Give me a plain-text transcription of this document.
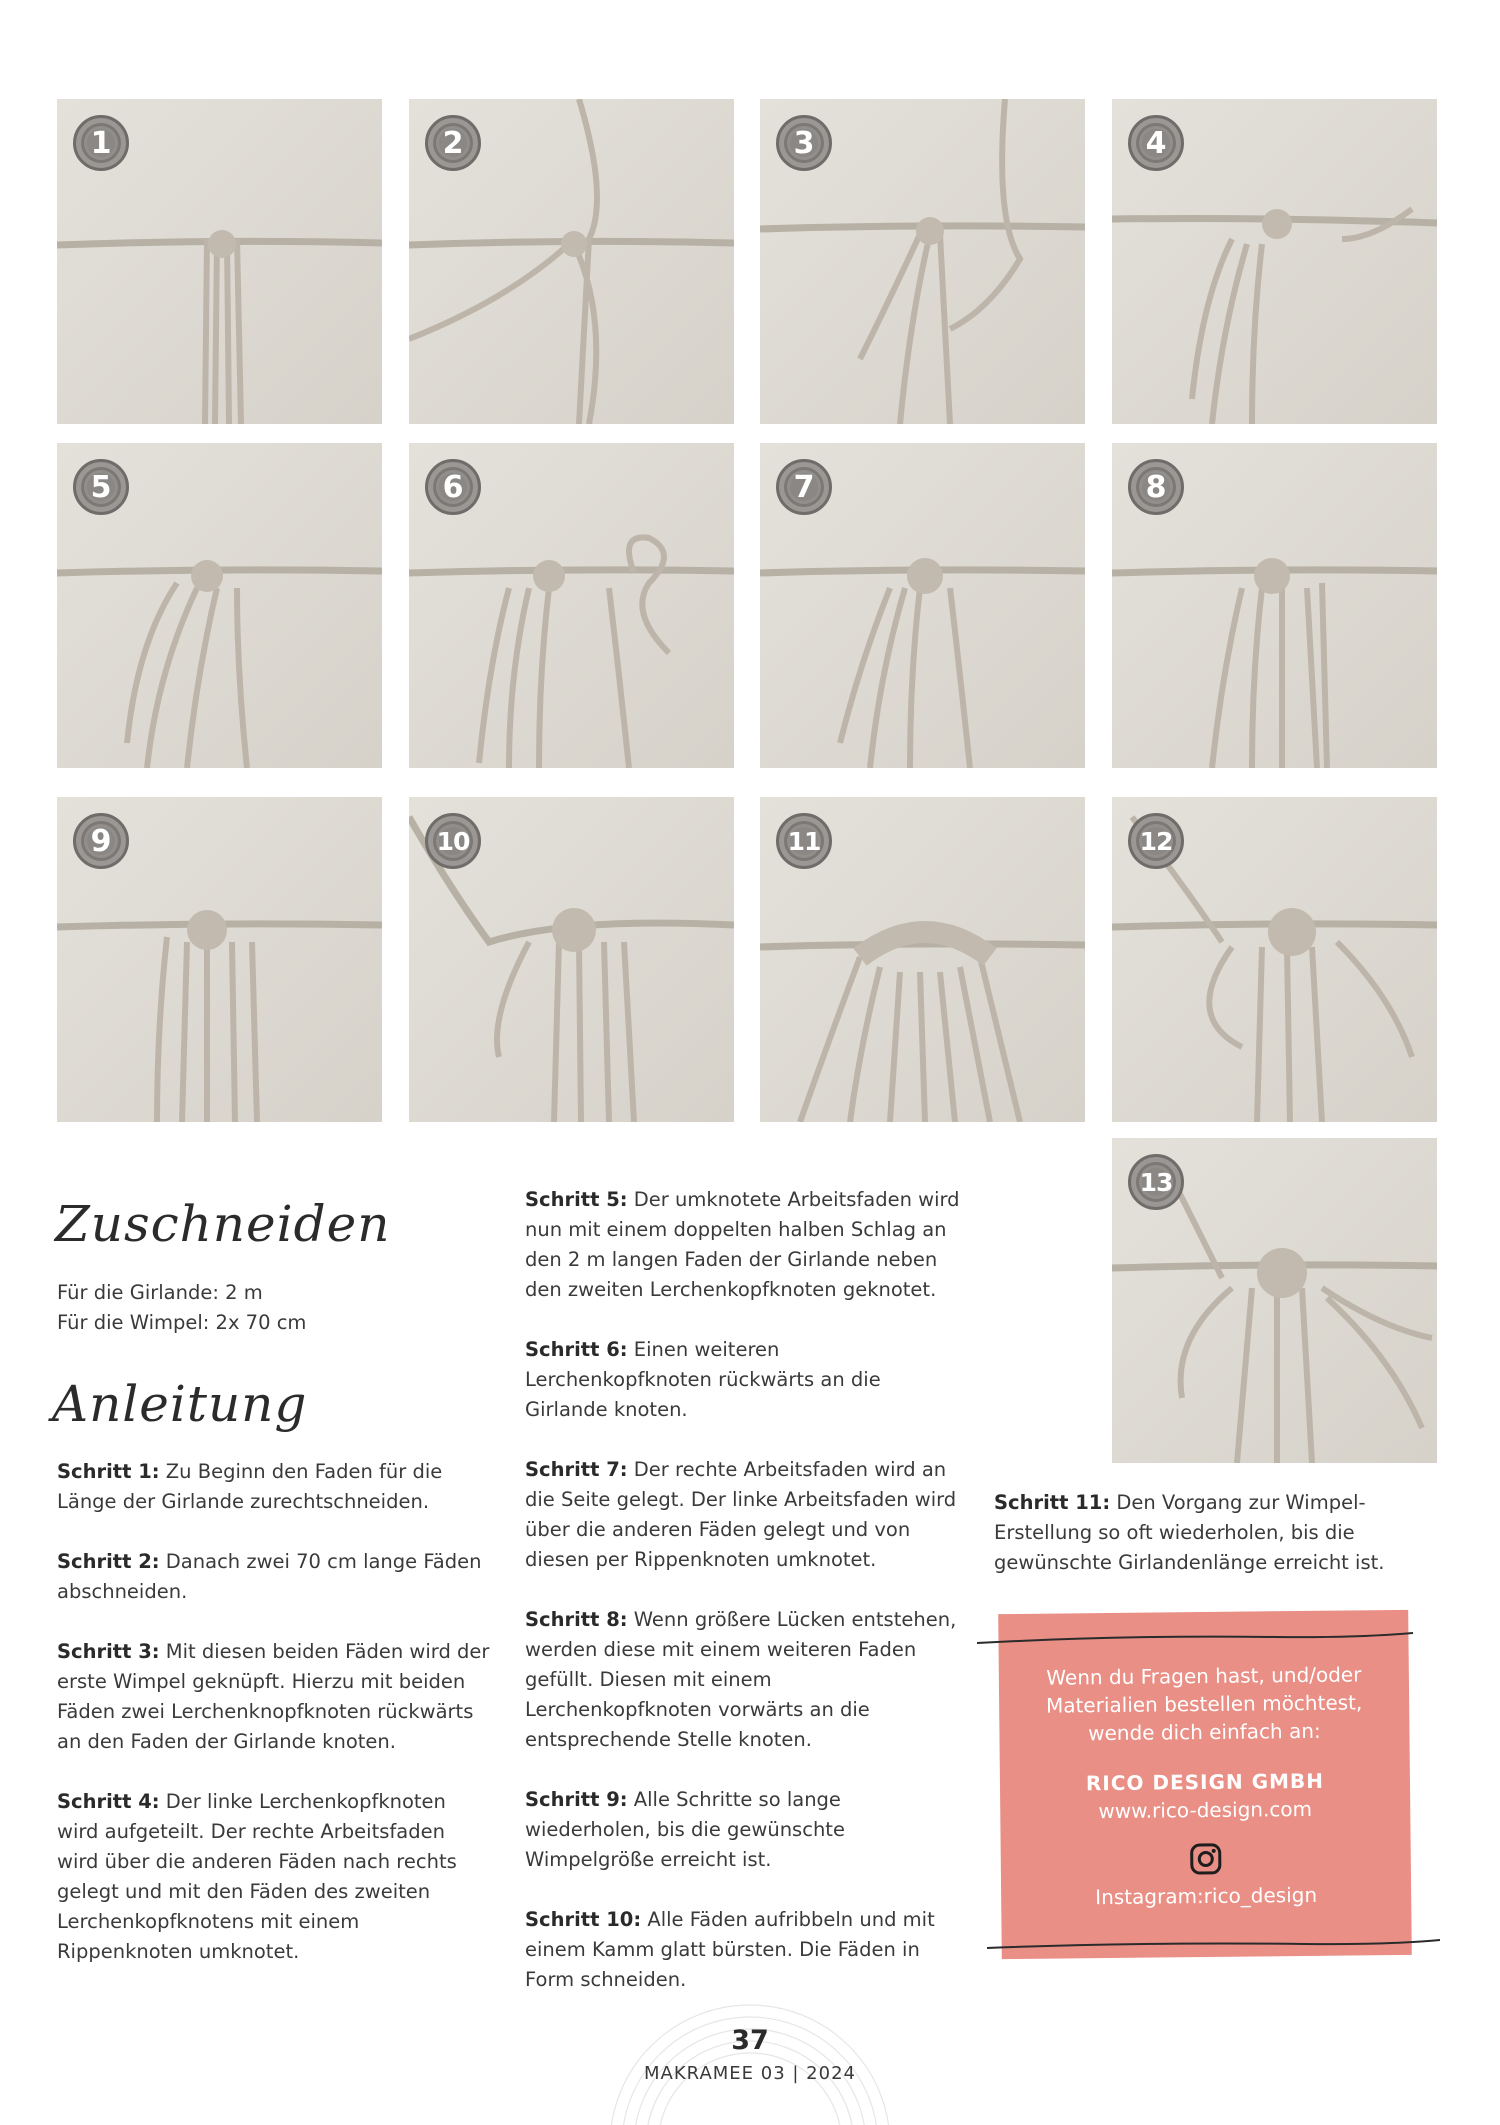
1	2	3	4
5	6	7	8
9	10	11	12
13
Zuschneiden
Für die Girlande: 2 m
Für die Wimpel: 2x 70 cm
Anleitung

Schritt 1: Zu Beginn den Faden für die Länge der Girlande zurechtschneiden.

Schritt 2: Danach zwei 70 cm lange Fäden abschneiden.

Schritt 3: Mit diesen beiden Fäden wird der erste Wimpel geknüpft. Hierzu mit beiden Fäden zwei Lerchenknopfknoten rückwärts an den Faden der Girlande knoten.

Schritt 4: Der linke Lerchenkopfknoten wird aufgeteilt. Der rechte Arbeitsfaden wird über die anderen Fäden nach rechts gelegt und mit den Fäden des zweiten Lerchenkopfknotens mit einem Rippenknoten umknotet.

Schritt 5: Der umknotete Arbeitsfaden wird nun mit einem doppelten halben Schlag an den 2 m langen Faden der Girlande neben den zweiten Lerchenkopfknoten geknotet.

Schritt 6: Einen weiteren Lerchenkopfknoten rückwärts an die Girlande knoten.

Schritt 7: Der rechte Arbeitsfaden wird an die Seite gelegt. Der linke Arbeitsfaden wird über die anderen Fäden gelegt und von diesen per Rippenknoten umknotet.

Schritt 8: Wenn größere Lücken entstehen, werden diese mit einem weiteren Faden gefüllt. Diesen mit einem Lerchenkopfknoten vorwärts an die entsprechende Stelle knoten.

Schritt 9: Alle Schritte so lange wiederholen, bis die gewünschte Wimpelgröße erreicht ist.

Schritt 10: Alle Fäden aufribbeln und mit einem Kamm glatt bürsten. Die Fäden in Form schneiden.

Schritt 11: Den Vorgang zur Wimpel-Erstellung so oft wiederholen, bis die gewünschte Girlandenlänge erreicht ist.

Wenn du Fragen hast, und/oder
Materialien bestellen möchtest,
wende dich einfach an:
RICO DESIGN GMBH
www.rico-design.com
Instagram:rico_design
37
MAKRAMEE 03 | 2024
